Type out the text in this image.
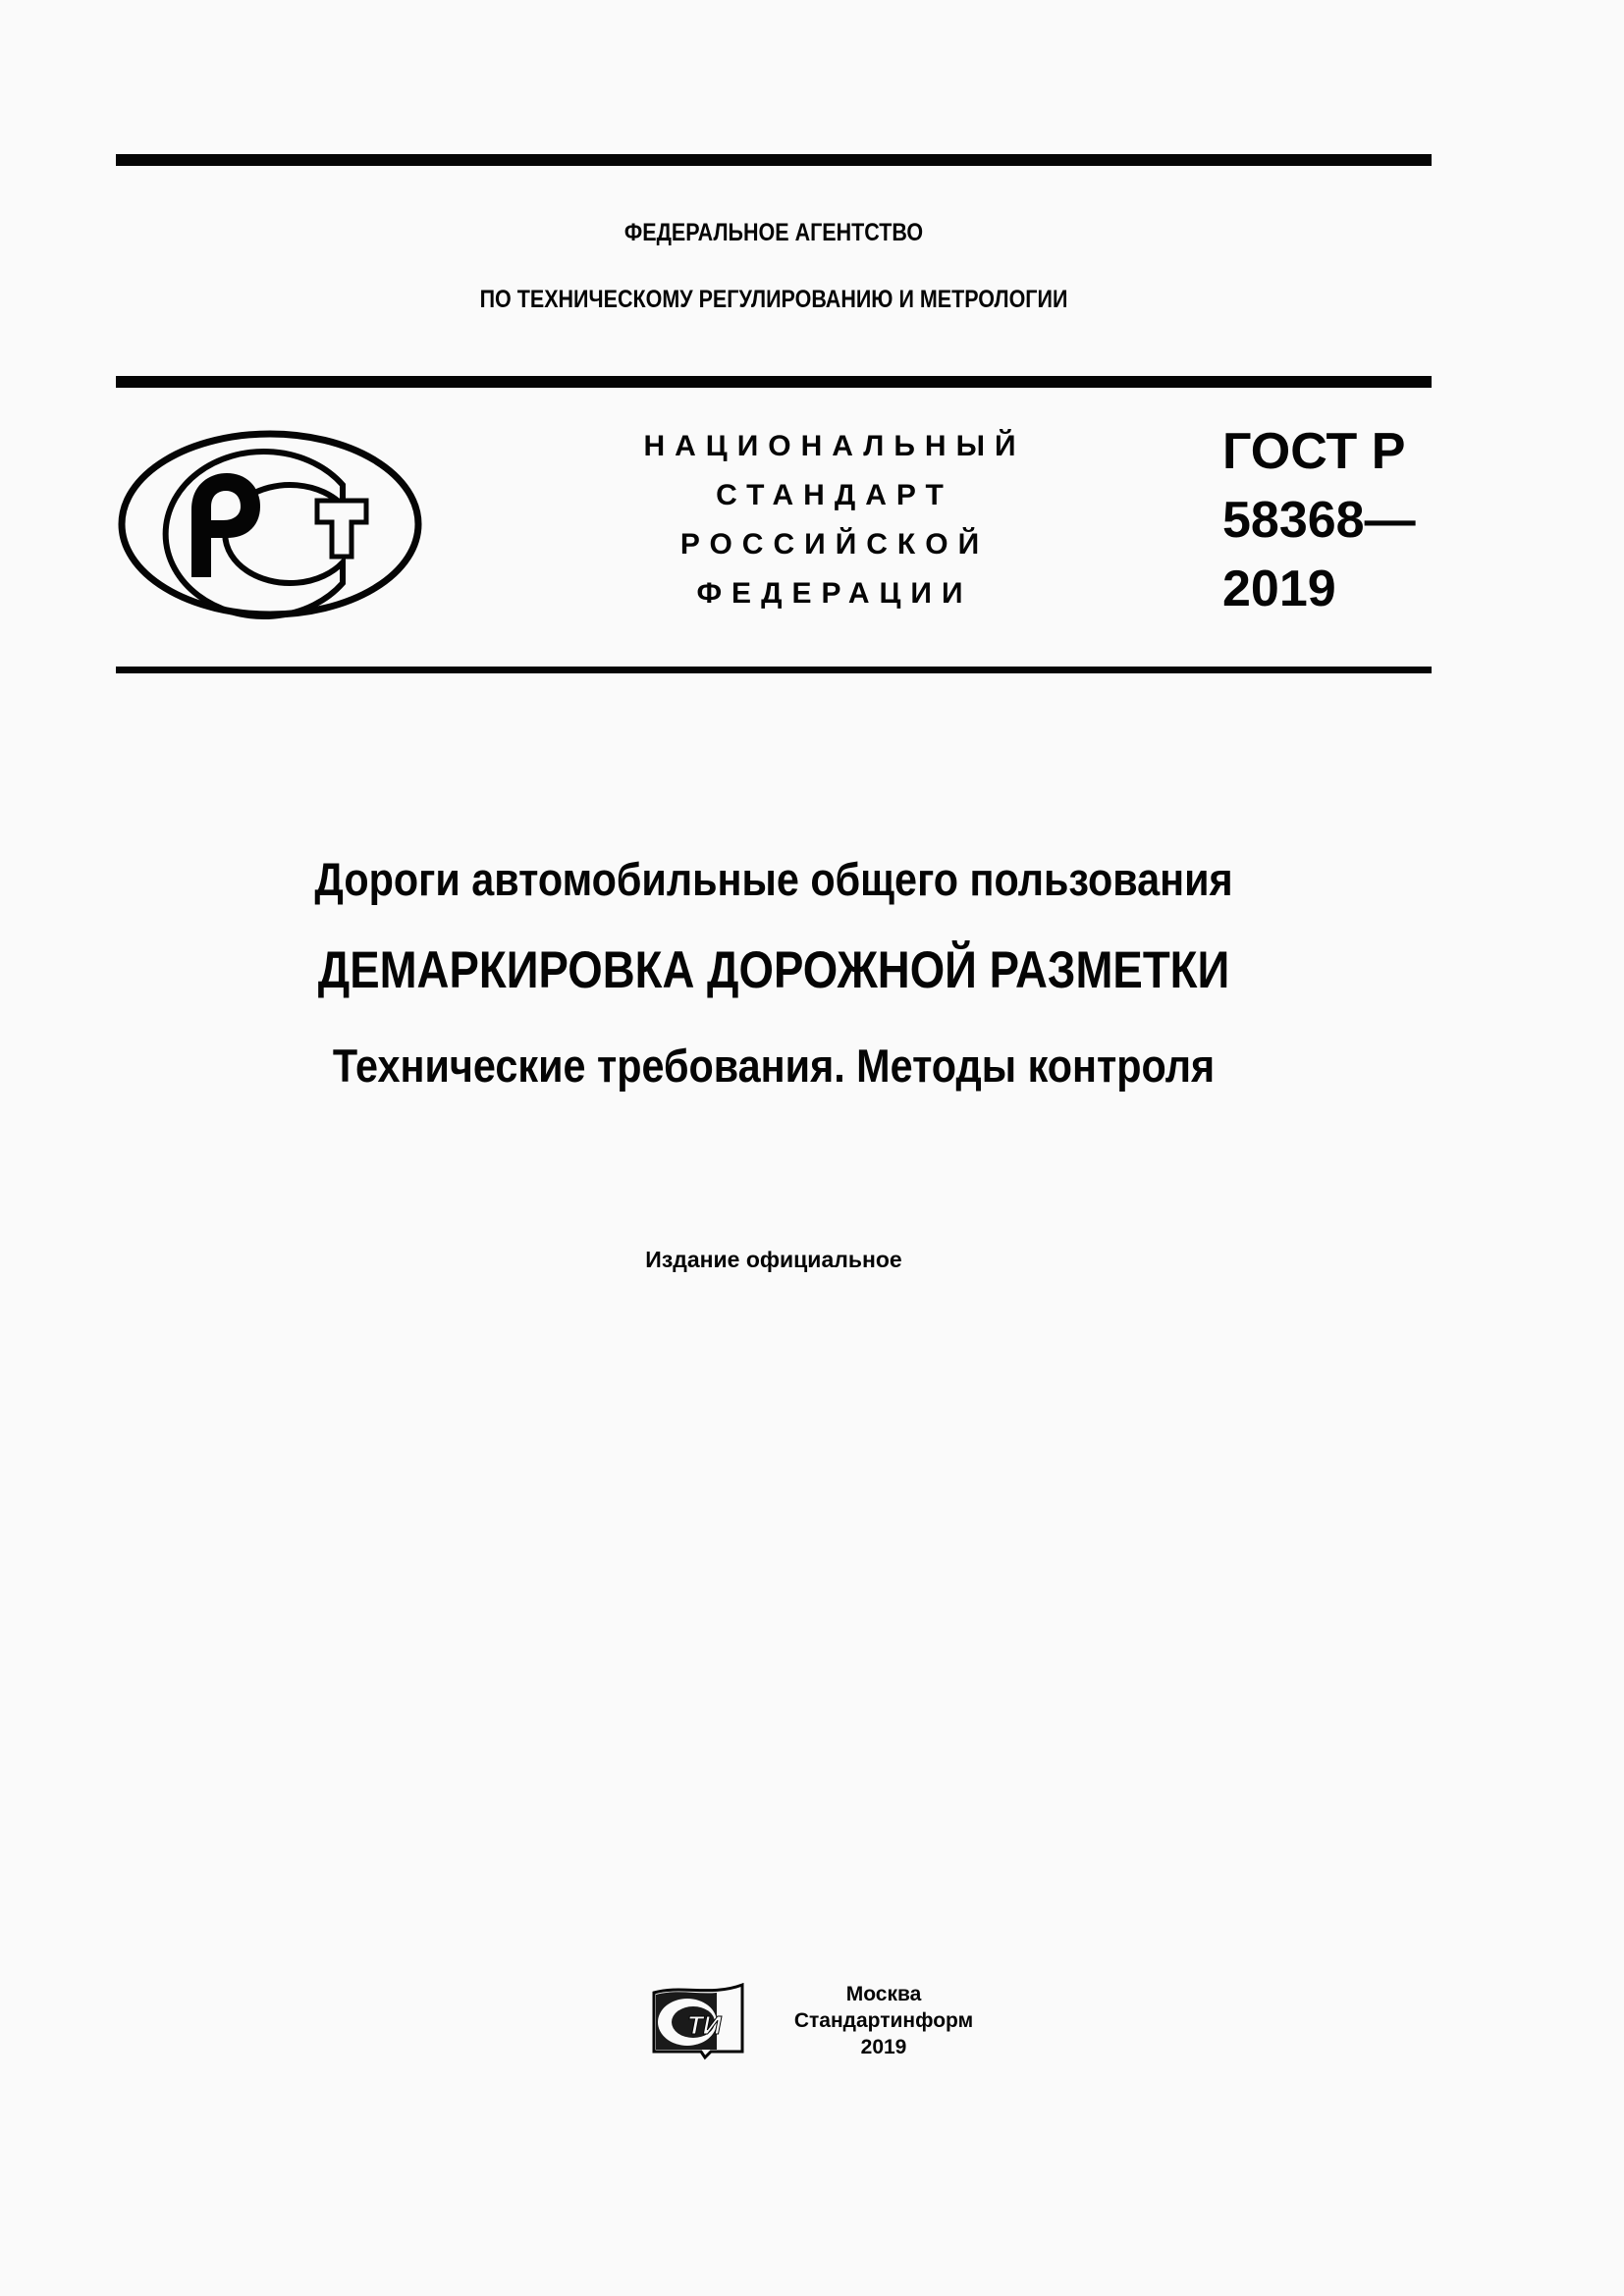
ФЕДЕРАЛЬНОЕ АГЕНТСТВО
ПО ТЕХНИЧЕСКОМУ РЕГУЛИРОВАНИЮ И МЕТРОЛОГИИ
НАЦИОНАЛЬНЫЙ
СТАНДАРТ
РОССИЙСКОЙ
ФЕДЕРАЦИИ
ГОСТ Р
58368—
2019
Дороги автомобильные общего пользования
ДЕМАРКИРОВКА ДОРОЖНОЙ РАЗМЕТКИ
Технические требования. Методы контроля
Издание официальное
ТИ
Москва
Стандартинформ
2019
